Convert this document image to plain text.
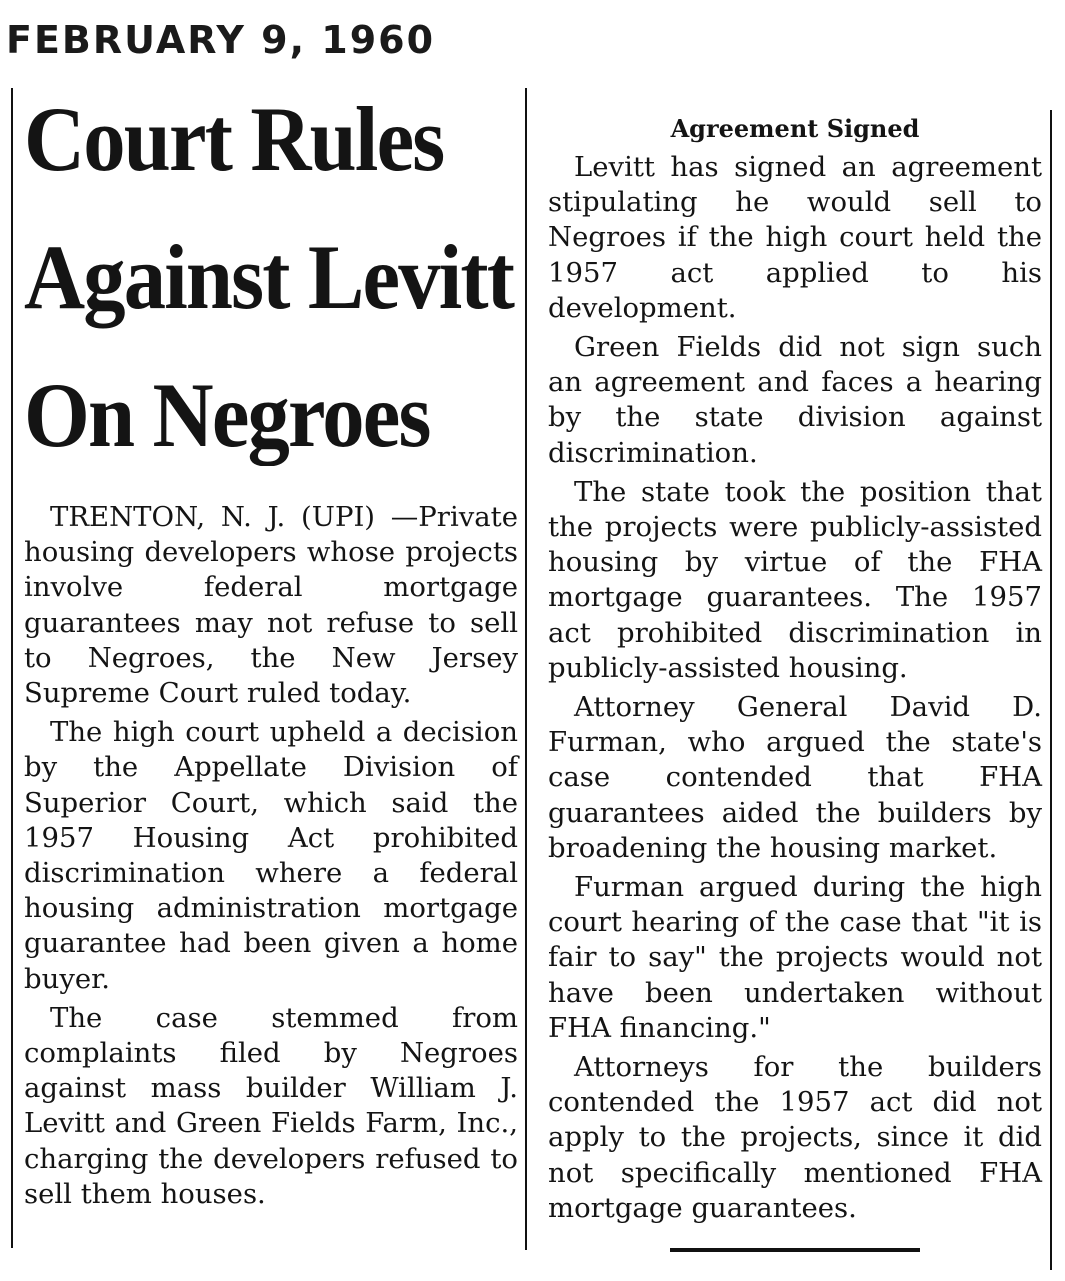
FEBRUARY 9, 1960
Court Rules
Against Levitt
On Negroes

TRENTON, N. J. (UPI) —Private housing developers whose projects involve federal mortgage guarantees may not refuse to sell to Negroes, the New Jersey Supreme Court ruled today.

The high court upheld a decision by the Appellate Division of Superior Court, which said the 1957 Housing Act prohibited discrimination where a federal housing administration mortgage guarantee had been given a home buyer.

The case stemmed from complaints filed by Negroes against mass builder William J. Levitt and Green Fields Farm, Inc., charging the developers refused to sell them houses.

Agreement Signed

Levitt has signed an agreement stipulating he would sell to Negroes if the high court held the 1957 act applied to his development.

Green Fields did not sign such an agreement and faces a hearing by the state division against discrimination.

The state took the position that the projects were publicly-assisted housing by virtue of the FHA mortgage guarantees. The 1957 act prohibited discrimination in publicly-assisted housing.

Attorney General David D. Furman, who argued the state's case contended that FHA guarantees aided the builders by broadening the housing market.

Furman argued during the high court hearing of the case that "it is fair to say" the projects would not have been undertaken without FHA financing."

Attorneys for the builders contended the 1957 act did not apply to the projects, since it did not specifically mentioned FHA mortgage guarantees.
